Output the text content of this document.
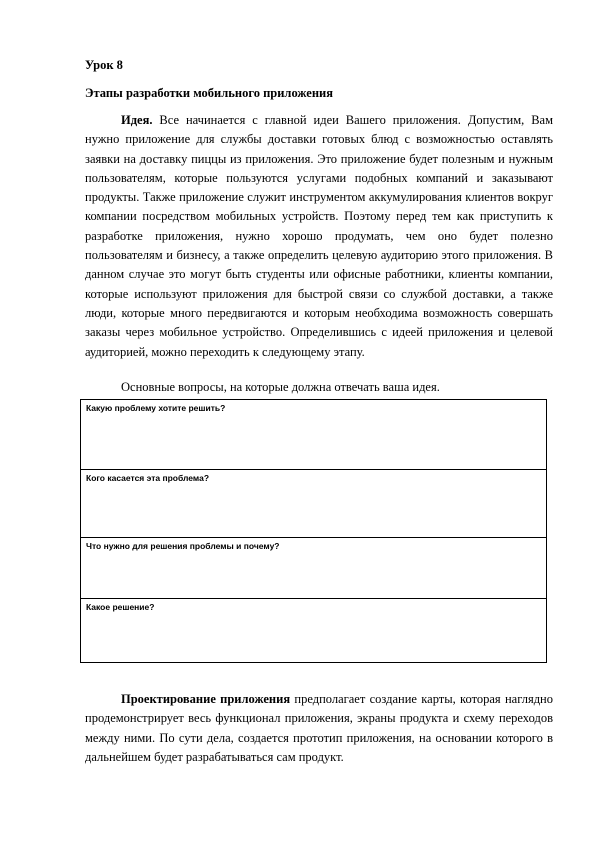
Урок 8
Этапы разработки мобильного приложения

Идея. Все начинается с главной идеи Вашего приложения. Допустим, Вам нужно приложение для службы доставки готовых блюд с возможностью оставлять заявки на доставку пиццы из приложения. Это приложение будет полезным и нужным пользователям, которые пользуются услугами подобных компаний и заказывают продукты. Также приложение служит инструментом аккумулирования клиентов вокруг компании посредством мобильных устройств. Поэтому перед тем как приступить к разработке приложения, нужно хорошо продумать, чем оно будет полезно пользователям и бизнесу, а также определить целевую аудиторию этого приложения. В данном случае это могут быть студенты или офисные работники, клиенты компании, которые используют приложения для быстрой связи со службой доставки, а также люди, которые много передвигаются и которым необходима возможность совершать заказы через мобильное устройство. Определившись с идеей приложения и целевой аудиторией, можно переходить к следующему этапу.

Основные вопросы, на которые должна отвечать ваша идея.

Какую проблему хотите решить?
Кого касается эта проблема?
Что нужно для решения проблемы и почему?
Какое решение?

Проектирование приложения предполагает создание карты, которая наглядно продемонстрирует весь функционал приложения, экраны продукта и схему переходов между ними. По сути дела, создается прототип приложения, на основании которого в дальнейшем будет разрабатываться сам продукт.
